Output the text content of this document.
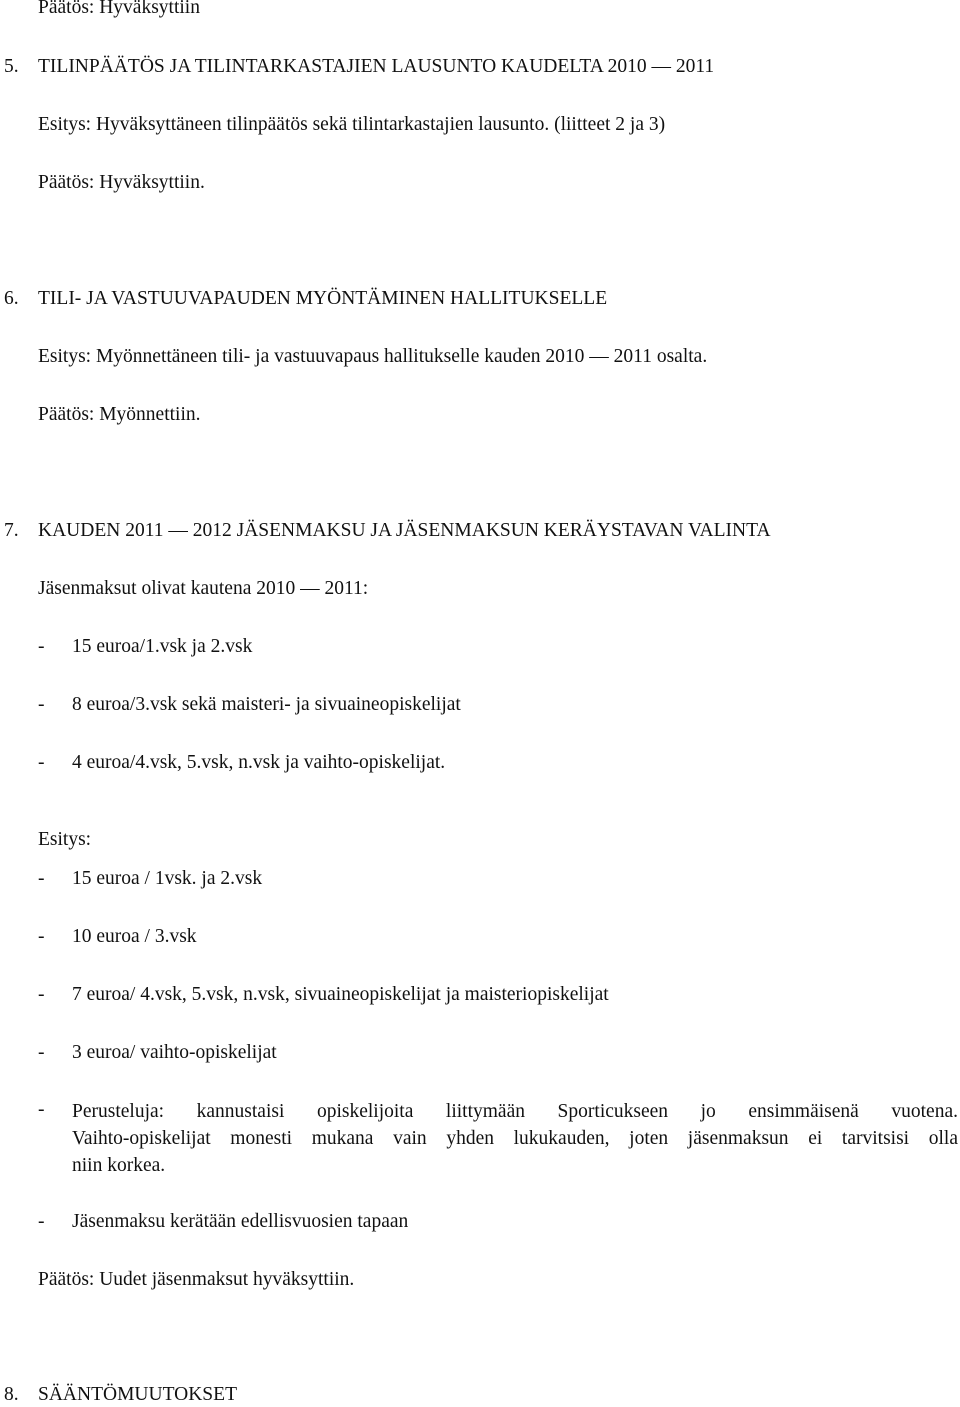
Päätös: Hyväksyttiin
5. TILINPÄÄTÖS JA TILINTARKASTAJIEN LAUSUNTO KAUDELTA 2010 — 2011
Esitys: Hyväksyttäneen tilinpäätös sekä tilintarkastajien lausunto. (liitteet 2 ja 3)
Päätös: Hyväksyttiin.
6. TILI- JA VASTUUVAPAUDEN MYÖNTÄMINEN HALLITUKSELLE
Esitys: Myönnettäneen tili- ja vastuuvapaus hallitukselle kauden 2010 — 2011 osalta.
Päätös: Myönnettiin.
7. KAUDEN 2011 — 2012 JÄSENMAKSU JA JÄSENMAKSUN KERÄYSTAVAN VALINTA
Jäsenmaksut olivat kautena 2010 — 2011:
-	15 euroa/1.vsk ja 2.vsk
-	8 euroa/3.vsk sekä maisteri- ja sivuaineopiskelijat
-	4 euroa/4.vsk, 5.vsk, n.vsk ja vaihto-opiskelijat.
Esitys:
-	15 euroa / 1vsk. ja 2.vsk
-	10 euroa / 3.vsk
-	7 euroa/ 4.vsk, 5.vsk, n.vsk, sivuaineopiskelijat ja maisteriopiskelijat
-	3 euroa/ vaihto-opiskelijat
-	Perusteluja: kannustaisi opiskelijoita liittymään Sporticukseen jo ensimmäisenä vuotena.
Vaihto-opiskelijat monesti mukana vain yhden lukukauden, joten jäsenmaksun ei tarvitsisi olla
niin korkea.
-	Jäsenmaksu kerätään edellisvuosien tapaan
Päätös: Uudet jäsenmaksut hyväksyttiin.
8. SÄÄNTÖMUUTOKSET
